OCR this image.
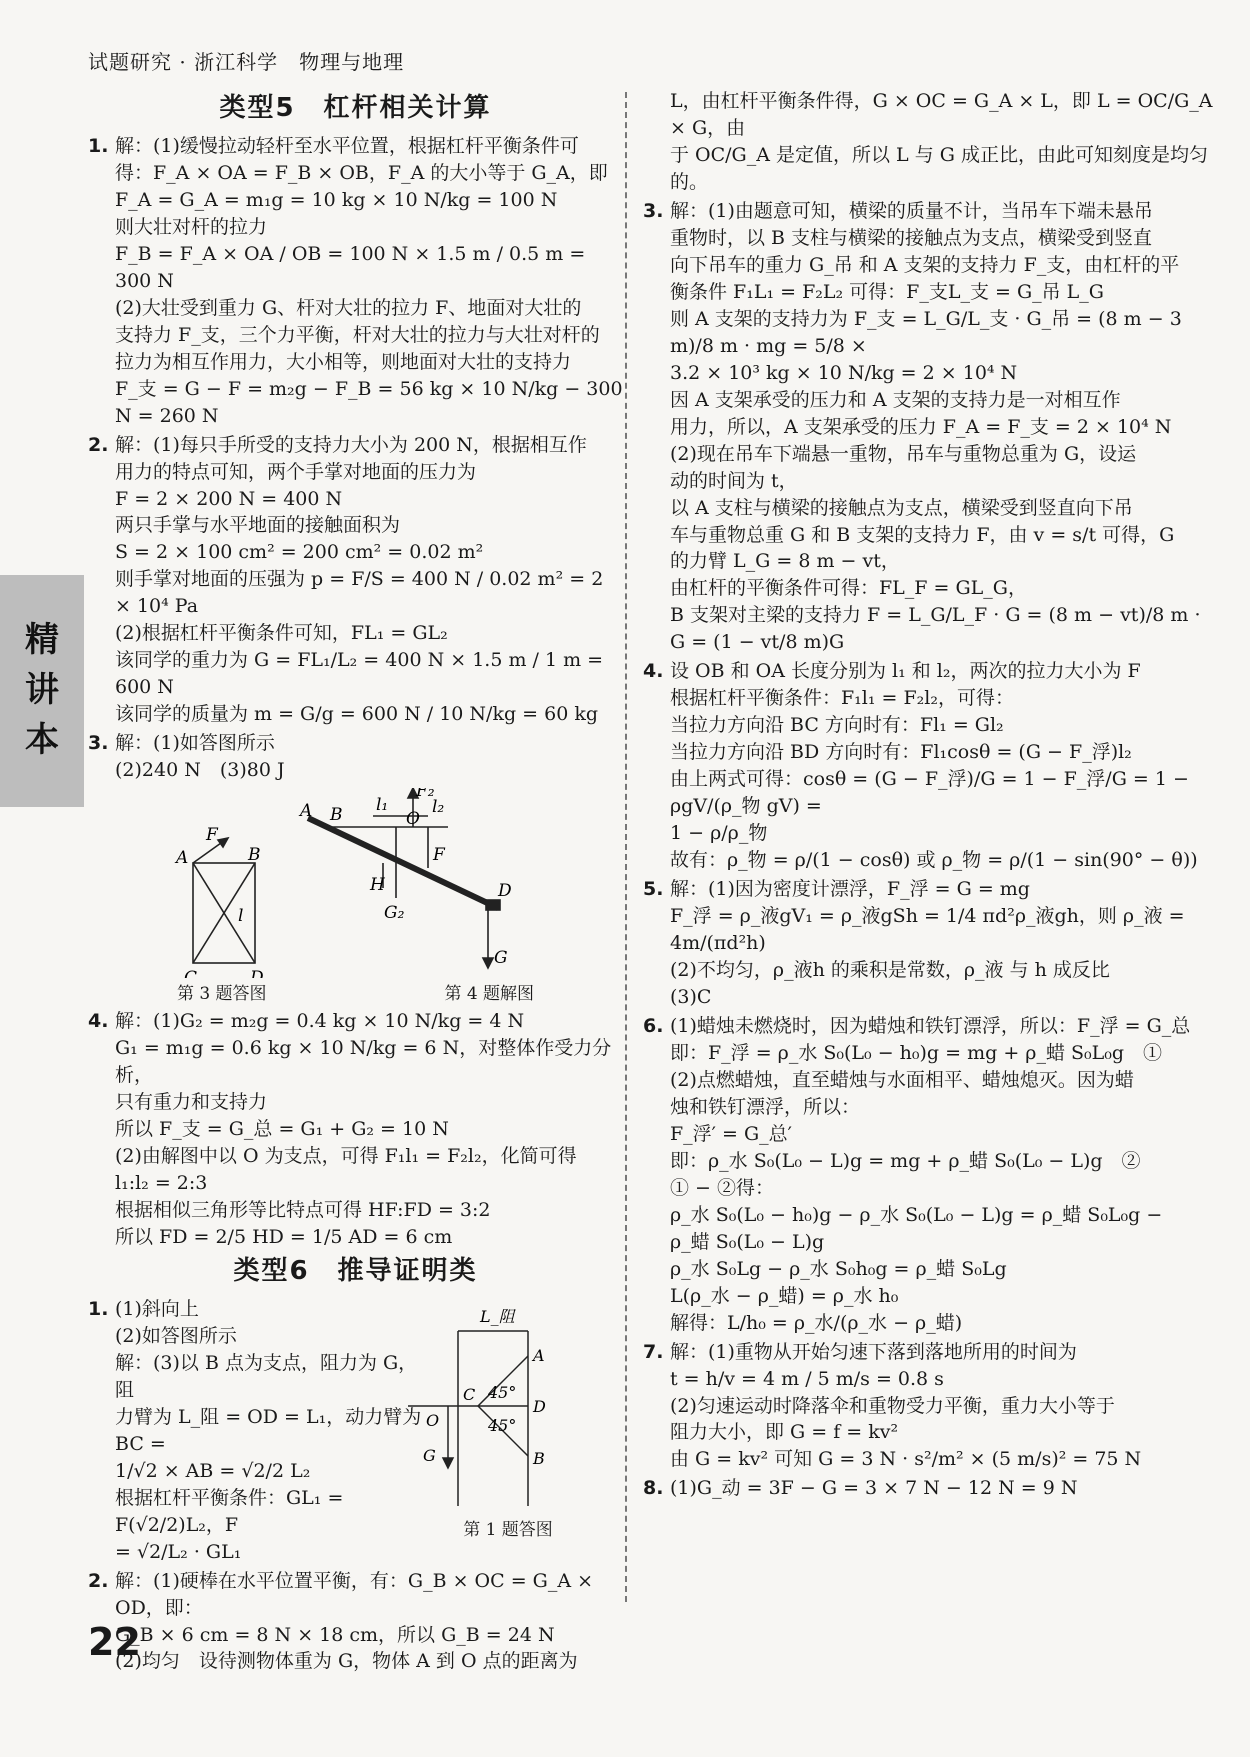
试题研究 · 浙江科学　物理与地理
精讲本
类型5　杠杆相关计算
1. 解：(1)缓慢拉动轻杆至水平位置，根据杠杆平衡条件可
得：F_A × OA = F_B × OB，F_A 的大小等于 G_A，即
F_A = G_A = m₁g = 10 kg × 10 N/kg = 100 N
则大壮对杆的拉力
F_B = F_A × OA / OB = 100 N × 1.5 m / 0.5 m = 300 N
(2)大壮受到重力 G、杆对大壮的拉力 F、地面对大壮的
支持力 F_支，三个力平衡，杆对大壮的拉力与大壮对杆的
拉力为相互作用力，大小相等，则地面对大壮的支持力
F_支 = G − F = m₂g − F_B = 56 kg × 10 N/kg − 300 N = 260 N
2. 解：(1)每只手所受的支持力大小为 200 N，根据相互作
用力的特点可知，两个手掌对地面的压力为
F = 2 × 200 N = 400 N
两只手掌与水平地面的接触面积为
S = 2 × 100 cm² = 200 cm² = 0.02 m²
则手掌对地面的压强为 p = F/S = 400 N / 0.02 m² = 2 × 10⁴ Pa
(2)根据杠杆平衡条件可知，FL₁ = GL₂
该同学的重力为 G = FL₁/L₂ = 400 N × 1.5 m / 1 m = 600 N
该同学的质量为 m = G/g = 600 N / 10 N/kg = 60 kg
3. 解：(1)如答图所示
(2)240 N　(3)80 J
F
A	B
l
C	D
F₂
A B l₁
O
l₂
F
H
G₂
D
G
第 3 题答图	第 4 题解图
4. 解：(1)G₂ = m₂g = 0.4 kg × 10 N/kg = 4 N
G₁ = m₁g = 0.6 kg × 10 N/kg = 6 N，对整体作受力分析，
只有重力和支持力
所以 F_支 = G_总 = G₁ + G₂ = 10 N
(2)由解图中以 O 为支点，可得 F₁l₁ = F₂l₂，化简可得
l₁:l₂ = 2:3
根据相似三角形等比特点可得 HF:FD = 3:2
所以 FD = 2/5 HD = 1/5 AD = 6 cm
类型6　推导证明类
1. (1)斜向上
(2)如答图所示
解：(3)以 B 点为支点，阻力为 G，阻
力臂为 L_阻 = OD = L₁，动力臂为 BC =
1/√2 × AB = √2/2 L₂
根据杠杆平衡条件：GL₁ = F(√2/2)L₂，F
= √2/L₂ · GL₁
L_阻
A
C 45°
D
O	45°
G	B
第 1 题答图
2. 解：(1)硬棒在水平位置平衡，有：G_B × OC = G_A × OD，即：
G_B × 6 cm = 8 N × 18 cm，所以 G_B = 24 N
(2)均匀　设待测物体重为 G，物体 A 到 O 点的距离为
L，由杠杆平衡条件得，G × OC = G_A × L，即 L = OC/G_A × G，由
于 OC/G_A 是定值，所以 L 与 G 成正比，由此可知刻度是均匀
的。
3. 解：(1)由题意可知，横梁的质量不计，当吊车下端未悬吊
重物时，以 B 支柱与横梁的接触点为支点，横梁受到竖直
向下吊车的重力 G_吊 和 A 支架的支持力 F_支，由杠杆的平
衡条件 F₁L₁ = F₂L₂ 可得：F_支L_支 = G_吊 L_G
则 A 支架的支持力为 F_支 = L_G/L_支 · G_吊 = (8 m − 3 m)/8 m · mg = 5/8 ×
3.2 × 10³ kg × 10 N/kg = 2 × 10⁴ N
因 A 支架承受的压力和 A 支架的支持力是一对相互作
用力，所以，A 支架承受的压力 F_A = F_支 = 2 × 10⁴ N
(2)现在吊车下端悬一重物，吊车与重物总重为 G，设运
动的时间为 t，
以 A 支柱与横梁的接触点为支点，横梁受到竖直向下吊
车与重物总重 G 和 B 支架的支持力 F，由 v = s/t 可得，G
的力臂 L_G = 8 m − vt，
由杠杆的平衡条件可得：FL_F = GL_G，
B 支架对主梁的支持力 F = L_G/L_F · G = (8 m − vt)/8 m · G = (1 − vt/8 m)G
4. 设 OB 和 OA 长度分别为 l₁ 和 l₂，两次的拉力大小为 F
根据杠杆平衡条件：F₁l₁ = F₂l₂，可得：
当拉力方向沿 BC 方向时有：Fl₁ = Gl₂
当拉力方向沿 BD 方向时有：Fl₁cosθ = (G − F_浮)l₂
由上两式可得：cosθ = (G − F_浮)/G = 1 − F_浮/G = 1 − ρgV/(ρ_物 gV) =
1 − ρ/ρ_物
故有：ρ_物 = ρ/(1 − cosθ) 或 ρ_物 = ρ/(1 − sin(90° − θ))
5. 解：(1)因为密度计漂浮，F_浮 = G = mg
F_浮 = ρ_液gV₁ = ρ_液gSh = 1/4 πd²ρ_液gh，则 ρ_液 = 4m/(πd²h)
(2)不均匀，ρ_液h 的乘积是常数，ρ_液 与 h 成反比
(3)C
6. (1)蜡烛未燃烧时，因为蜡烛和铁钉漂浮，所以：F_浮 = G_总
即：F_浮 = ρ_水 S₀(L₀ − h₀)g = mg + ρ_蜡 S₀L₀g　①
(2)点燃蜡烛，直至蜡烛与水面相平、蜡烛熄灭。因为蜡
烛和铁钉漂浮，所以：
F_浮′ = G_总′
即：ρ_水 S₀(L₀ − L)g = mg + ρ_蜡 S₀(L₀ − L)g　②
① − ②得：
ρ_水 S₀(L₀ − h₀)g − ρ_水 S₀(L₀ − L)g = ρ_蜡 S₀L₀g −
ρ_蜡 S₀(L₀ − L)g
ρ_水 S₀Lg − ρ_水 S₀h₀g = ρ_蜡 S₀Lg
L(ρ_水 − ρ_蜡) = ρ_水 h₀
解得：L/h₀ = ρ_水/(ρ_水 − ρ_蜡)
7. 解：(1)重物从开始匀速下落到落地所用的时间为
t = h/v = 4 m / 5 m/s = 0.8 s
(2)匀速运动时降落伞和重物受力平衡，重力大小等于
阻力大小，即 G = f = kv²
由 G = kv² 可知 G = 3 N · s²/m² × (5 m/s)² = 75 N
8. (1)G_动 = 3F − G = 3 × 7 N − 12 N = 9 N
22
